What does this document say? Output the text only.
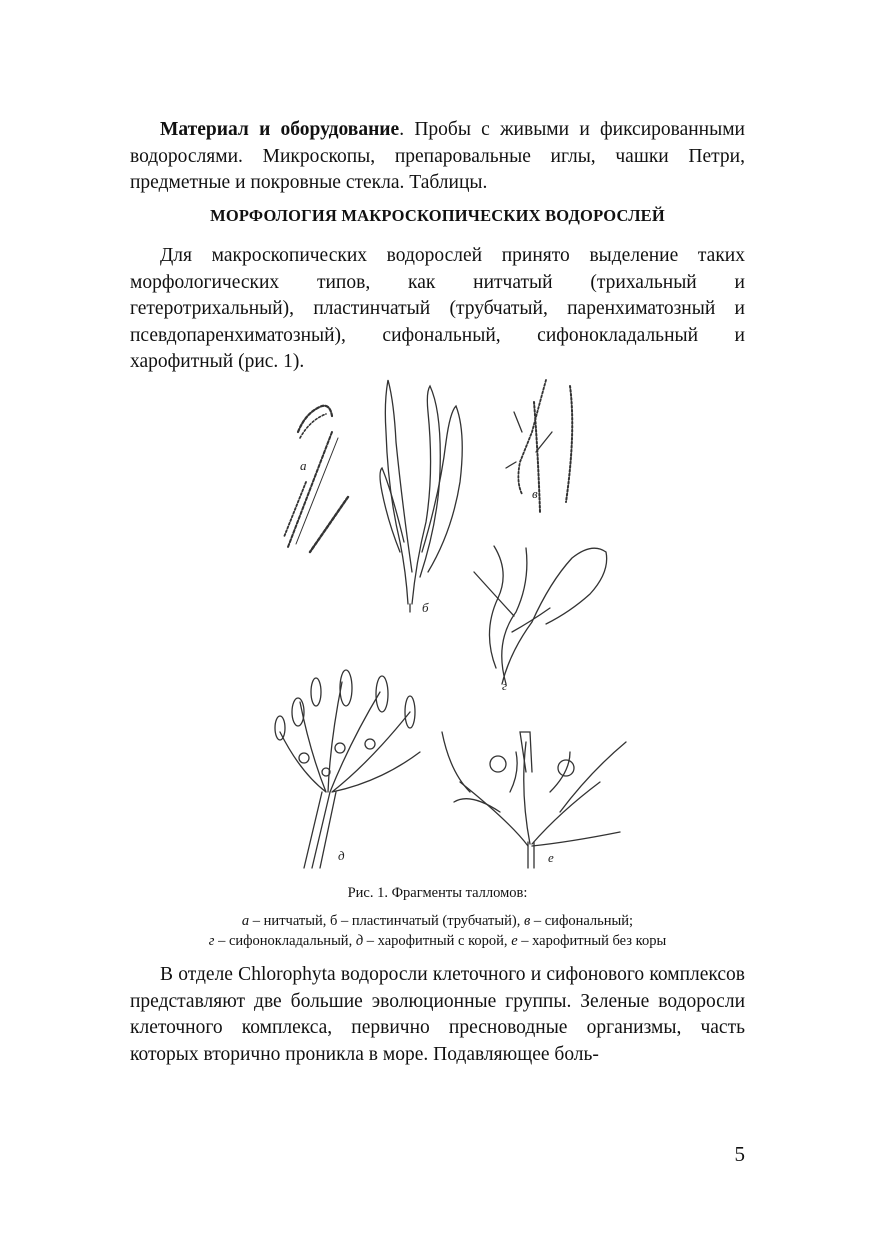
Материал и оборудование. Пробы с живыми и фиксированными водорослями. Микроскопы, препаровальные иглы, чашки Петри, предметные и покровные стекла. Таблицы.

МОРФОЛОГИЯ МАКРОСКОПИЧЕСКИХ ВОДОРОСЛЕЙ

Для макроскопических водорослей принято выделение таких морфологических типов, как нитчатый (трихальный и гетеротрихальный), пластинчатый (трубчатый, паренхиматозный и псевдопаренхиматозный), сифональный, сифонокладальный и харофитный (рис. 1).

а
б
в
г
д	е
Рис. 1. Фрагменты талломов:
а – нитчатый, б – пластинчатый (трубчатый), в – сифональный;
г – сифонокладальный, д – харофитный с корой, е – харофитный без коры

В отделе Chlorophyta водоросли клеточного и сифонового комплексов представляют две большие эволюционные группы. Зеленые водоросли клеточного комплекса, первично пресноводные организмы, часть которых вторично проникла в море. Подавляющее боль-

5
